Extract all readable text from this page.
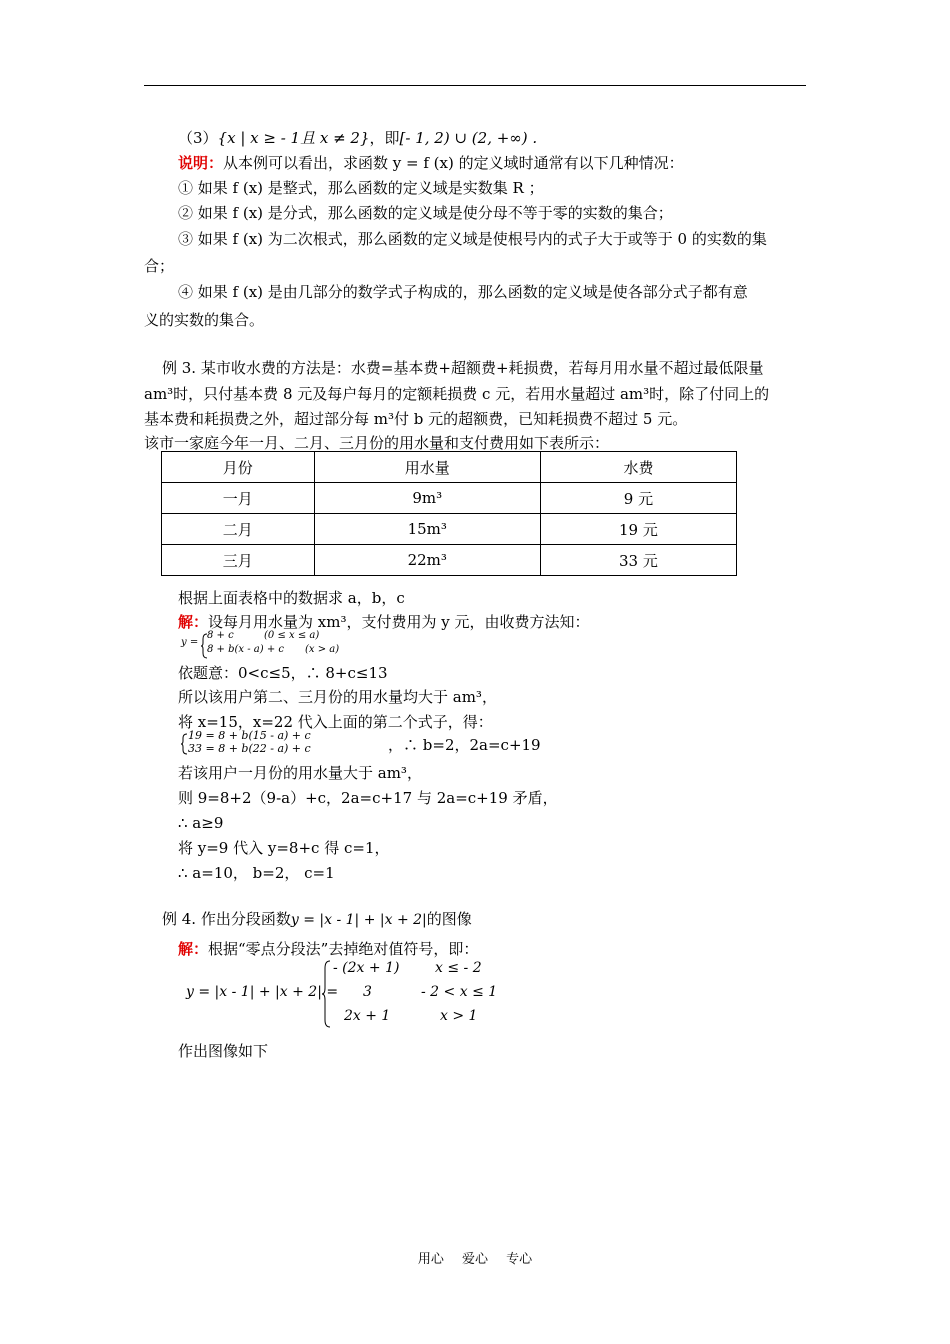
（3）{x | x ≥ - 1且 x ≠ 2}，即[- 1, 2) ∪ (2, +∞) .
说明：从本例可以看出，求函数 y = f (x) 的定义域时通常有以下几种情况：
① 如果 f (x) 是整式，那么函数的定义域是实数集 R ；
② 如果 f (x) 是分式，那么函数的定义域是使分母不等于零的实数的集合；
③ 如果 f (x) 为二次根式，那么函数的定义域是使根号内的式子大于或等于 0 的实数的集
合；
④ 如果 f (x) 是由几部分的数学式子构成的，那么函数的定义域是使各部分式子都有意
义的实数的集合。
例 3. 某市收水费的方法是：水费=基本费+超额费+耗损费，若每月用水量不超过最低限量
am³时，只付基本费 8 元及每户每月的定额耗损费 c 元，若用水量超过 am³时，除了付同上的
基本费和耗损费之外，超过部分每 m³付 b 元的超额费，已知耗损费不超过 5 元。
该市一家庭今年一月、二月、三月份的用水量和支付费用如下表所示：
月份	用水量	水费
一月	9m³	9 元
二月	15m³	19 元
三月	22m³	33 元
根据上面表格中的数据求 a，b，c
解：设每月用水量为 xm³，支付费用为 y 元，由收费方法知：
y =
8 + c	(0 ≤ x ≤ a)
8 + b(x - a) + c (x > a)
依题意：0<c≤5，∴ 8+c≤13
所以该用户第二、三月份的用水量均大于 am³，
将 x=15，x=22 代入上面的第二个式子，得：
19 = 8 + b(15 - a) + c
33 = 8 + b(22 - a) + c	，∴ b=2，2a=c+19
若该用户一月份的用水量大于 am³，
则 9=8+2（9-a）+c，2a=c+17 与 2a=c+19 矛盾，
∴ a≥9
将 y=9 代入 y=8+c 得 c=1，
∴ a=10， b=2， c=1
例 4. 作出分段函数y = |x - 1| + |x + 2|的图像
解：根据“零点分段法”去掉绝对值符号，即：
y = |x - 1| + |x + 2| =
- (2x + 1)	x ≤ - 2
3	- 2 < x ≤ 1
2x + 1	x > 1
作出图像如下
用心 爱心 专心
